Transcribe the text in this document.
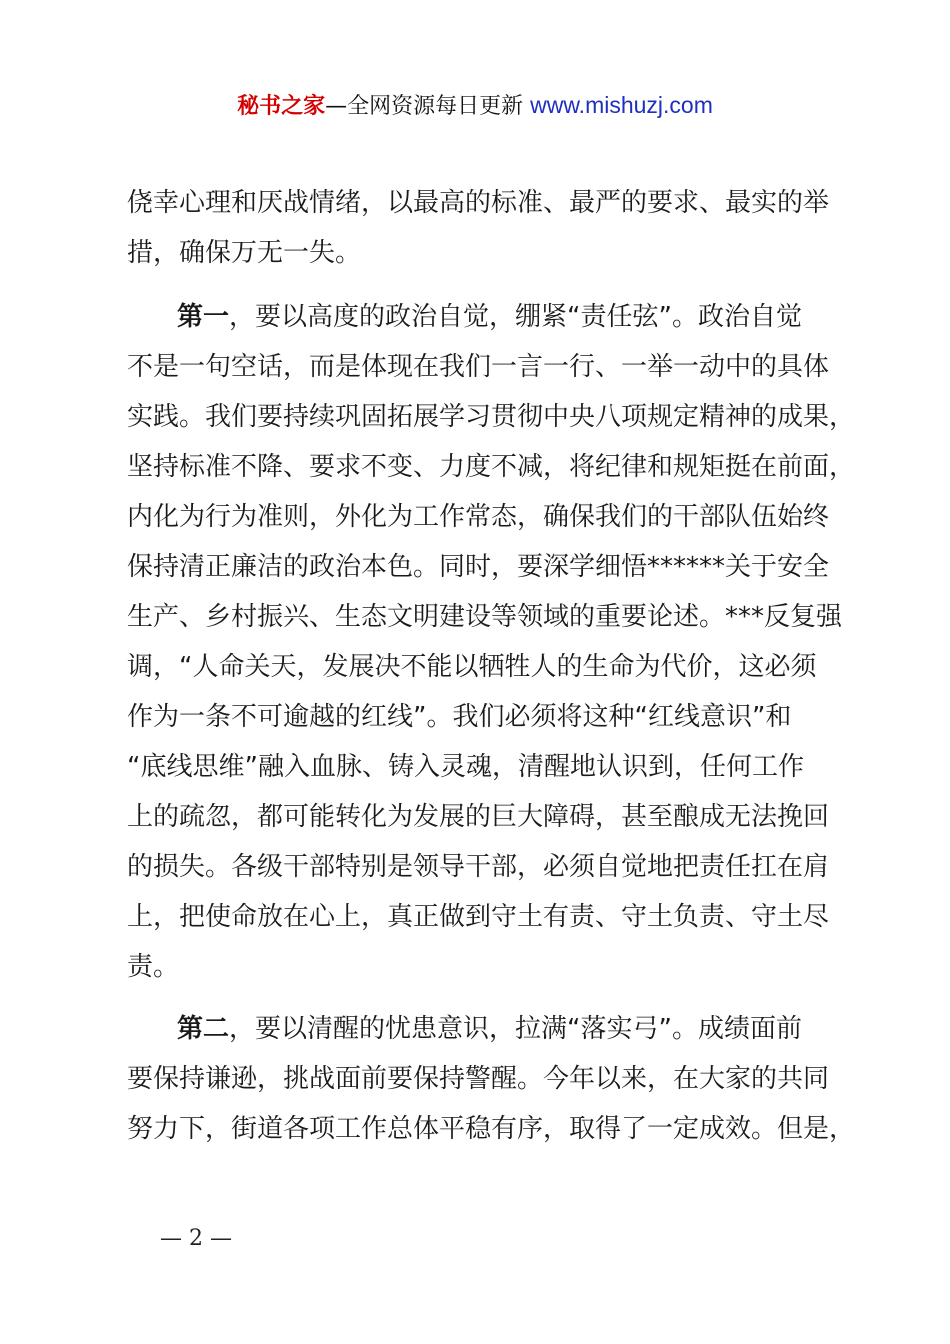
秘书之家—全网资源每日更新 www.mishuzj.com
侥幸心理和厌战情绪，以最高的标准、最严的要求、最实的举
措，确保万无一失。
第一，要以高度的政治自觉，绷紧“责任弦”。政治自觉
不是一句空话，而是体现在我们一言一行、一举一动中的具体
实践。我们要持续巩固拓展学习贯彻中央八项规定精神的成果，
坚持标准不降、要求不变、力度不减，将纪律和规矩挺在前面，
内化为行为准则，外化为工作常态，确保我们的干部队伍始终
保持清正廉洁的政治本色。同时，要深学细悟******关于安全
生产、乡村振兴、生态文明建设等领域的重要论述。***反复强
调，“人命关天，发展决不能以牺牲人的生命为代价，这必须
作为一条不可逾越的红线”。我们必须将这种“红线意识”和
“底线思维”融入血脉、铸入灵魂，清醒地认识到，任何工作
上的疏忽，都可能转化为发展的巨大障碍，甚至酿成无法挽回
的损失。各级干部特别是领导干部，必须自觉地把责任扛在肩
上，把使命放在心上，真正做到守土有责、守土负责、守土尽
责。
第二，要以清醒的忧患意识，拉满“落实弓”。成绩面前
要保持谦逊，挑战面前要保持警醒。今年以来，在大家的共同
努力下，街道各项工作总体平稳有序，取得了一定成效。但是，
— 2 —
